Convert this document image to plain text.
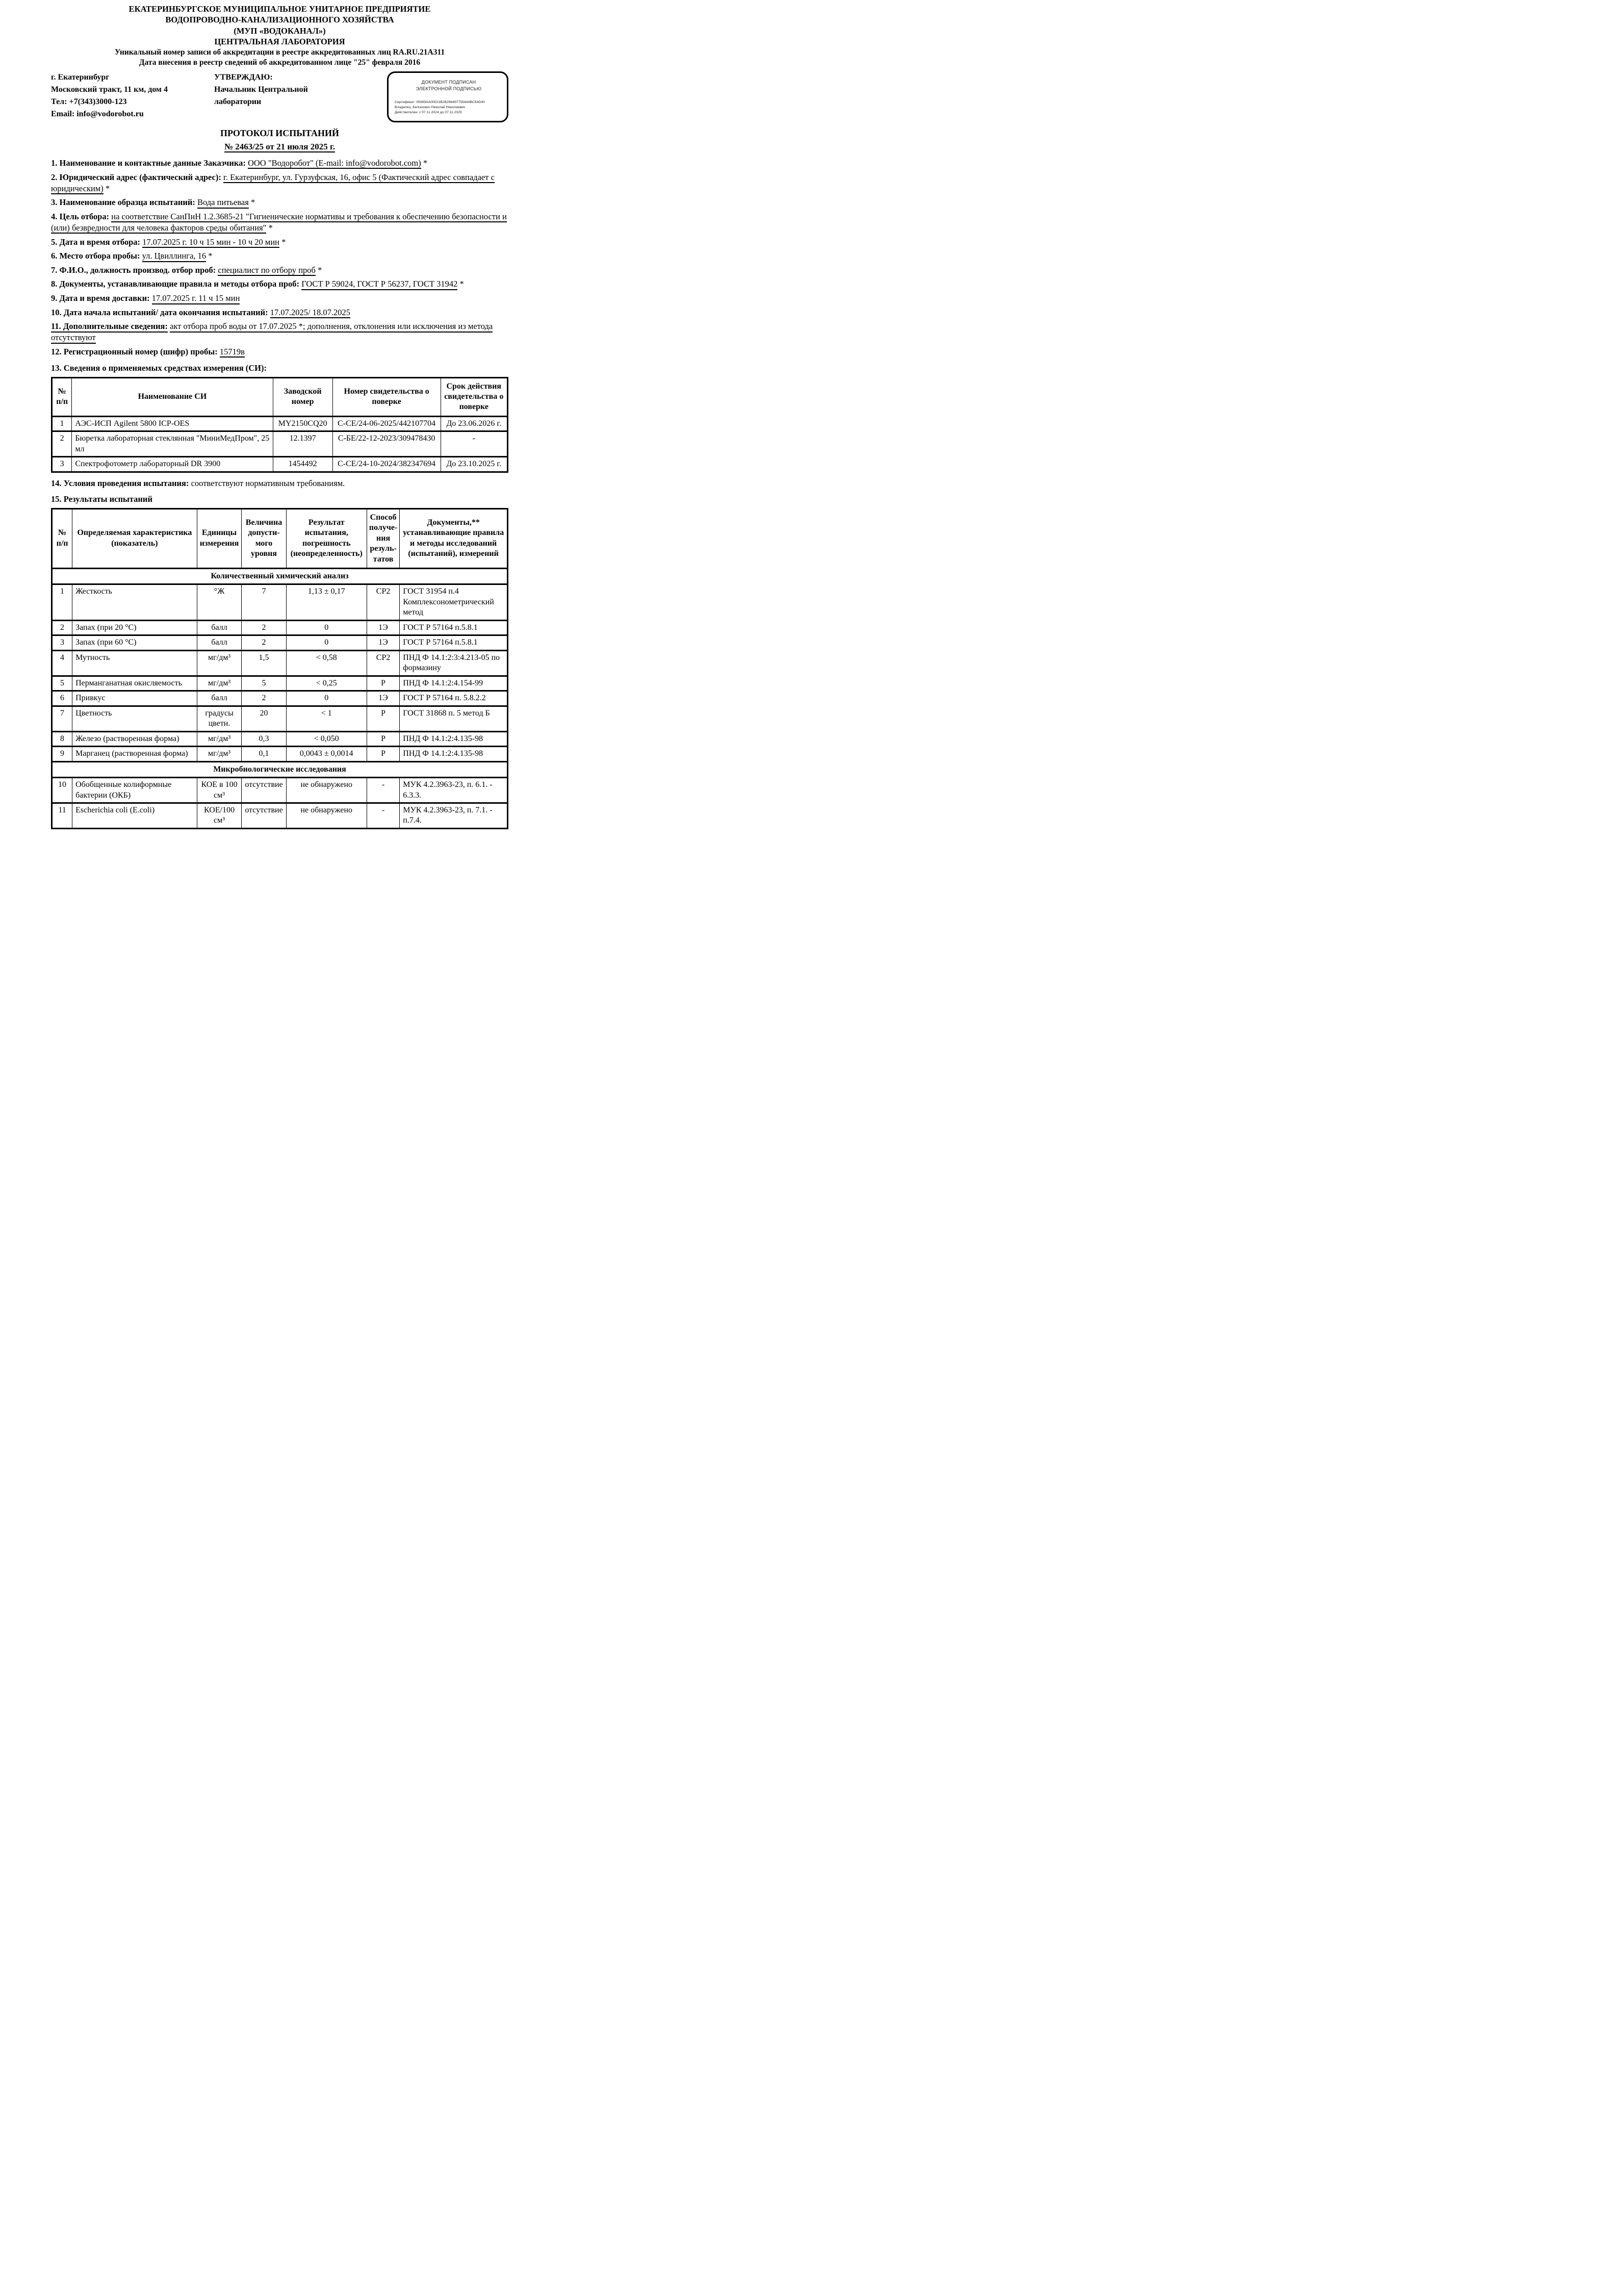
ЕКАТЕРИНБУРГСКОЕ МУНИЦИПАЛЬНОЕ УНИТАРНОЕ ПРЕДПРИЯТИЕ
ВОДОПРОВОДНО-КАНАЛИЗАЦИОННОГО ХОЗЯЙСТВА
(МУП «ВОДОКАНАЛ»)
ЦЕНТРАЛЬНАЯ ЛАБОРАТОРИЯ
Уникальный номер записи об аккредитации в реестре аккредитованных лиц RA.RU.21A311
Дата внесения в реестр сведений об аккредитованном лице "25" февраля 2016
г. Екатеринбург
Московский тракт, 11 км, дом 4
Тел: +7(343)3000-123
Email: info@vodorobot.ru
УТВЕРЖДАЮ:
Начальник Центральной
лаборатории
ДОКУМЕНТ ПОДПИСАН
ЭЛЕКТРОННОЙ ПОДПИСЬЮ
Сертификат: 05999AA00021B2B298497755444BC54D40
Владелец: Белоножко Николай Николаевич
Действителен: с 07.11.2024 до 07.11.2025
ПРОТОКОЛ ИСПЫТАНИЙ
№ 2463/25 от 21 июля 2025 г.

1. Наименование и контактные данные Заказчика: ООО "Водоробот" (E-mail: info@vodorobot.com) *

2. Юридический адрес (фактический адрес): г. Екатеринбург, ул. Гурзуфская, 16, офис 5 (Фактический адрес совпадает с юридическим) *

3. Наименование образца испытаний: Вода питьевая *

4. Цель отбора: на соответствие СанПиН 1.2.3685-21 "Гигиенические нормативы и требования к обеспечению безопасности и (или) безвредности для человека факторов среды обитания" *

5. Дата и время отбора: 17.07.2025 г. 10 ч 15 мин - 10 ч 20 мин *

6. Место отбора пробы: ул. Цвиллинга, 16 *

7. Ф.И.О., должность производ. отбор проб: специалист по отбору проб *

8. Документы, устанавливающие правила и методы отбора проб: ГОСТ Р 59024, ГОСТ Р 56237, ГОСТ 31942 *

9. Дата и время доставки: 17.07.2025 г. 11 ч 15 мин

10. Дата начала испытаний/ дата окончания испытаний: 17.07.2025/ 18.07.2025

11. Дополнительные сведения: акт отбора проб воды от 17.07.2025 *; дополнения, отклонения или исключения из метода отсутствуют

12. Регистрационный номер (шифр) пробы: 15719в

13. Сведения о применяемых средствах измерения (СИ):

№ п/п	Наименование СИ	Заводской номер	Номер свидетельства о поверке	Срок действия свидетельства о поверке
1	АЭС-ИСП Agilent 5800 ICP-OES	MY2150CQ20	С-СЕ/24-06-2025/442107704	До 23.06.2026 г.
2	Бюретка лабораторная стеклянная "МиниМедПром", 25 мл	12.1397	С-БЕ/22-12-2023/309478430	-
3	Спектрофотометр лабораторный DR 3900	1454492	С-СЕ/24-10-2024/382347694	До 23.10.2025 г.

14. Условия проведения испытания: соответствуют нормативным требованиям.

15. Результаты испытаний

№ п/п	Определяемая характеристика (показатель)	Единицы измерения	Величина допустимого уровня	Результат испытания, погрешность (неопределенность)	Способ получения результатов	Документы,** устанавливающие правила и методы исследований (испытаний), измерений
Количественный химический анализ						
1	Жесткость	°Ж	7	1,13 ± 0,17	СР2	ГОСТ 31954 п.4 Комплексонометрический метод
2	Запах (при 20 °С)	балл	2	0	1Э	ГОСТ Р 57164 п.5.8.1
3	Запах (при 60 °С)	балл	2	0	1Э	ГОСТ Р 57164 п.5.8.1
4	Мутность	мг/дм³	1,5	< 0,58	СР2	ПНД Ф 14.1:2:3:4.213-05 по формазину
5	Перманганатная окисляемость	мг/дм³	5	< 0,25	Р	ПНД Ф 14.1:2:4.154-99
6	Привкус	балл	2	0	1Э	ГОСТ Р 57164 п. 5.8.2.2
7	Цветность	градусы цветн.	20	< 1	Р	ГОСТ 31868 п. 5 метод Б
8	Железо (растворенная форма)	мг/дм³	0,3	< 0,050	Р	ПНД Ф 14.1:2:4.135-98
9	Марганец (растворенная форма)	мг/дм³	0,1	0,0043 ± 0,0014	Р	ПНД Ф 14.1:2:4.135-98
Микробиологические исследования						
10	Обобщенные колиформные бактерии (ОКБ)	КОЕ в 100 см³	отсутствие	не обнаружено	-	МУК 4.2.3963-23, п. 6.1. - 6.3.3.
11	Escherichia coli (E.coli)	КОЕ/100 см³	отсутствие	не обнаружено	-	МУК 4.2.3963-23, п. 7.1. - п.7.4.
